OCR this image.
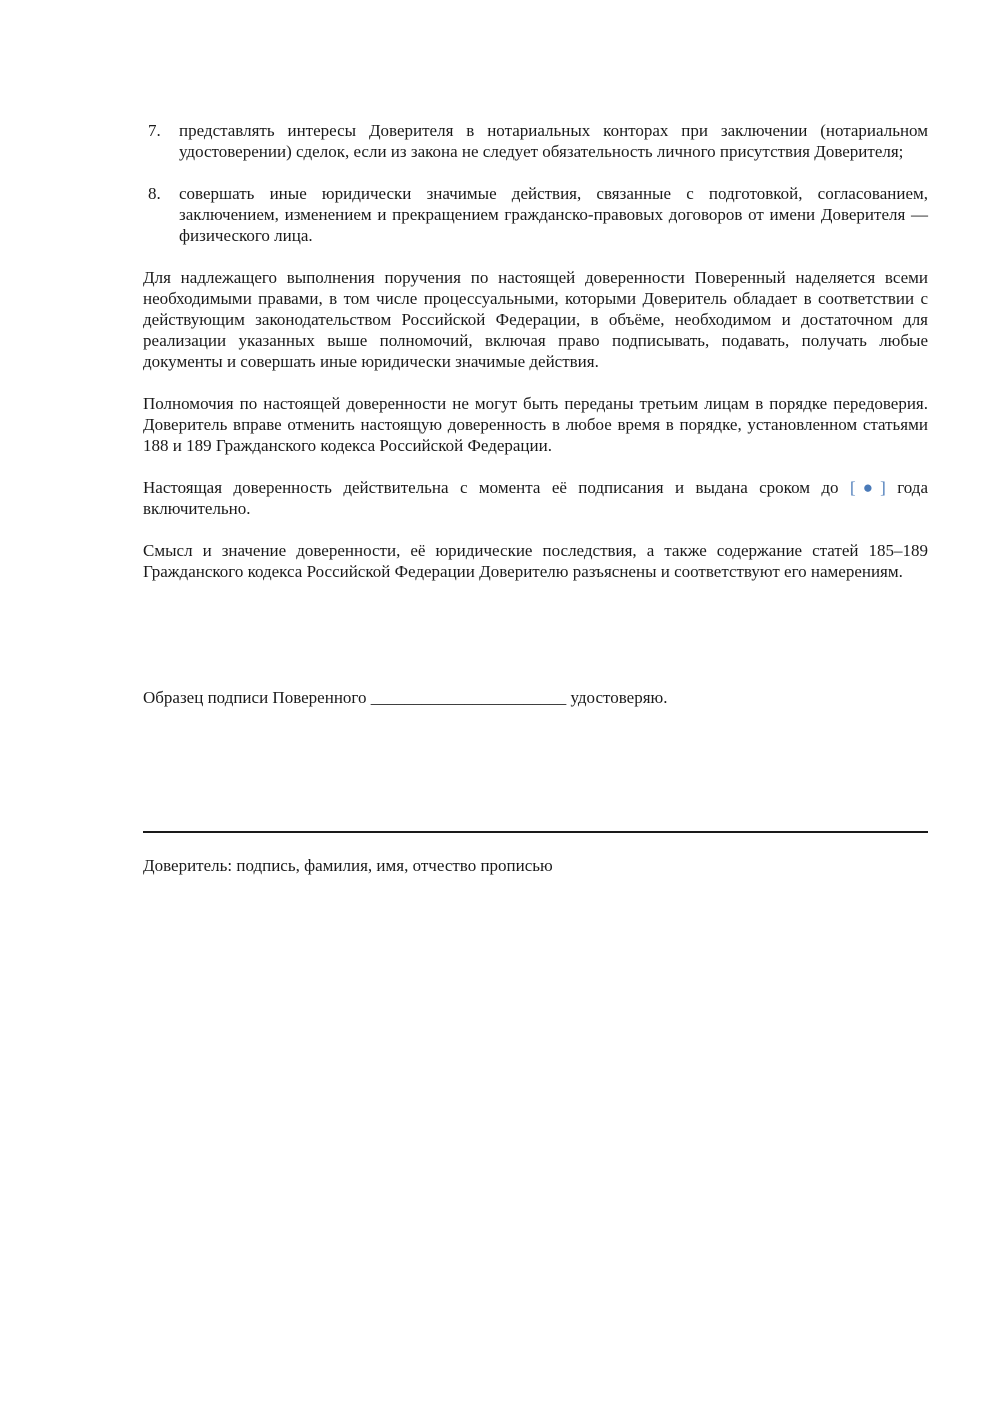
7. представлять интересы Доверителя в нотариальных конторах при заключении (нотариальном удостоверении) сделок, если из закона не следует обязательность личного присутствия Доверителя;
8. совершать иные юридически значимые действия, связанные с подготовкой, согласованием, заключением, изменением и прекращением гражданско-правовых договоров от имени Доверителя — физического лица.

Для надлежащего выполнения поручения по настоящей доверенности Поверенный наделяется всеми необходимыми правами, в том числе процессуальными, которыми Доверитель обладает в соответствии с действующим законодательством Российской Федерации, в объёме, необходимом и достаточном для реализации указанных выше полномочий, включая право подписывать, подавать, получать любые документы и совершать иные юридически значимые действия.

Полномочия по настоящей доверенности не могут быть переданы третьим лицам в порядке передоверия. Доверитель вправе отменить настоящую доверенность в любое время в порядке, установленном статьями 188 и 189 Гражданского кодекса Российской Федерации.

Настоящая доверенность действительна с момента её подписания и выдана сроком до [●] года включительно.

Смысл и значение доверенности, её юридические последствия, а также содержание статей 185–189 Гражданского кодекса Российской Федерации Доверителю разъяснены и соответствуют его намерениям.

Образец подписи Поверенного _______________________ удостоверяю.
Доверитель: подпись, фамилия, имя, отчество прописью
